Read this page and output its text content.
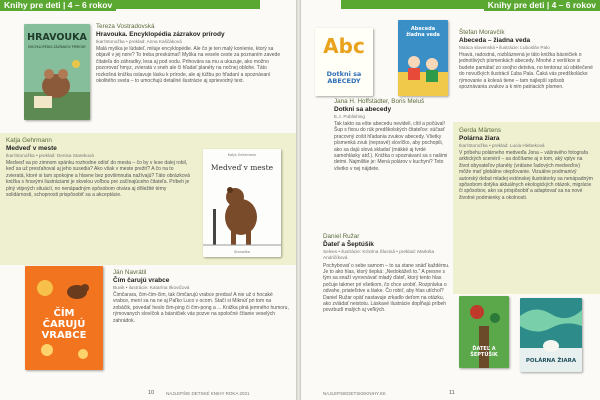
Knihy pre deti | 4 – 6 rokov
HRAVOUKA
ENCYKLOPÉDIA ZÁZRAKOV PRÍRODY
Tereza Vostradovská
Hravouka. Encyklopédia zázrakov prírody
Ikar/Stonožka • preklad: Anna Kaščáková
Malá myška je lúdateľ, miluje encyklopédie. Ale čo je ten malý koníenie, ktorý sa objavil v jej nore? To treba preskúmať! Myška na vesele ceste za poznaním zavede čitateľa do záhradky, lesa aj pod vodu. Prihovára sa mu a ukazuje, ako možno pozorovať hmyz, zvieratá v sneh ale či hľadať planéty na nočnej oblohe. Táto rozkošná knižka oslavuje lásku k prírode, ale aj túžbu po hľadaní a spoznávaní okolitého sveta – to umocňujú detailné ilustrácie aj sprievodný text.
Katja Gehrmann
Medveď v meste
Ikar/Stonožka • preklad: Denisa Stareková
Medveď sa po zimnom spánku rozhodne odísť do mesta – čo by v lese dalej robil, keď sa už presťahoval aj jeho susedia? Ako však v meste prežiť? A čo na to zvieratá, ktoré si tam spokojne a hlavne bez povšimnutia nažívajú? Táto obrázková knižka s hravými ilustráciami je skvelou voľbou pre začínajúceho čitateľa. Príbeh je plný vtipných situácií, no nenápadným spôsobom otvára aj dôležité témy solidárnosti, schopnosti prispôsobiť sa a akceptácie.
Katja Gehrmann
Medveď v meste
Stonožka
ČÍM ČARUJÚ VRABCE
Ján Navrátil
Čím čarujú vrabce
Buvik • ilustrácie: Katarína Ilkovičová
Čimčarara, čim-čim-čim, tak čimčarujú vrabce predsa! A nie už o hocaké vrabce, mení sa na ne aj Paľko Luco v ocom. Stačí si Miknúť pri tom na zobáčik, povedať heslo čim-ping či čim-pong a ... Knižka plná jemného humoru, rýmovanych slovíčok a básničiek vás pozve na spoločné čítanie veselých zahrádok.
10	NAJLEPŠIE DETSKÉ KNIHY ROKA 2021
Knihy pre deti | 4 – 6 rokov
Abc
Dotkni sa ABECEDY
Abeceda žiadna veda	Štefan Moravčík
Abeceda – žiadna veda
Matica slovenská • ilustrácie: Ľubosláv Palo
Hravá, radostná, rozbláznená je táto knižka básničiek o jednotlivých písmenkách abecedy. Mnohé z veršíkov si budete pamätať zo svojho detstva, no tentoraz sú obklečené do novučkých ilustrácií Ľuba Pala. Čaká vás predškolácke rýmovanie a kolesá tiene – tam najlepší spôsob spoznávania zvukov a k nim patriacich písmen.
Jana H. Hoffstädter, Boris Meluš
Dotkni sa abecedy
E.J. Publishing
Tak takto sa ešte abecedu nevideli, cítil a počúval! Šup s fixou do rúk predškolských čitateľov: súčasť pracovný zošit hľadania zvukov abecedy. Všetky písmenká zvuk (nepravé) slovíčko, aby pochopili, ako sa dajú slová skladať (mäkké aj tvrdé samohlásky atď.). Knižka o spoznávaní sa s našimi detmi. Najmilšie je: Mená polárov v kuchyni? Toto všetko v nej nájdete.
Gerda Märtens
Polárna žiara
Ikar/Stonožka • preklad: Lucia Hlebeková
V príbehu polárneho medveďa Jona – vášnivého fotografa arktických scenérií – sa dočítame aj o tom, aký vplyv na život obyvateľov planéty (vrátane ľadových medveďov) môže mať globálne otepľovanie. Vizuálne podmanivý autorský debut mladej estónskej ilustrátorky sa nenápadným spôsobom dotýka aktuálnych ekologických otázok, migrácie či spôsobov, ako sa prispôsobiť a adaptovať sa na nové životné podmienky a okolnosti.
Daniel Ružar
Ďateľ a Šeptúšik
Selves • ilustrácie: Kristína Šlusiná • preklad: Markéta Andričíková
Pochybovať o sebe samom – to sa stane snáď každému. Je to ako hlas, ktorý šepká: „Nedokážeš to.“ A presne s tým sa snaží vyrovnávať mladý ďateľ, ktorý tento hlas počuje takmer pri všetkom, čo chce urobiť. Rozprávka o odvahe, priateľstve a láske. Čo robiť, aby hlas utíchol? Daniel Ružar opäť nastavuje zrkadlo deťom na otázku, ako zvládať neistotu. Láskavé ilustrácie dopĺňajú príbeh povzbudí malých aj veľkých.
ĎATEĽ A ŠEPTÚŠIK
POLÁRNA ŽIARA
NAJLEPSIEDETSKEKNIHY.SK	11
